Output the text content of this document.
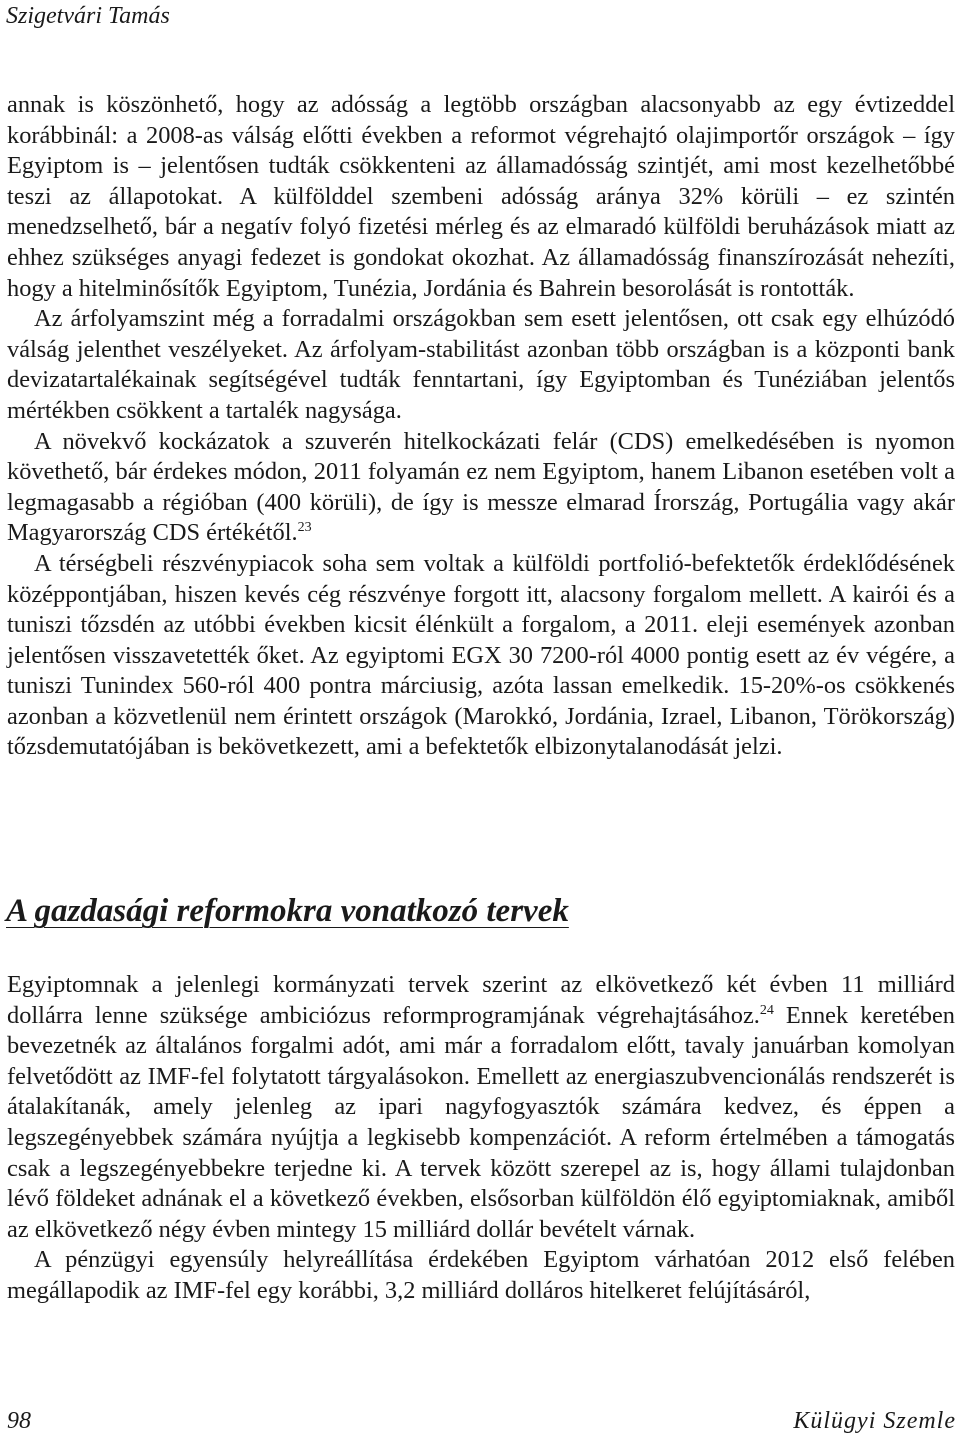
Szigetvári Tamás

annak is köszönhető, hogy az adósság a legtöbb országban alacsonyabb az egy évtizeddel korábbinál: a 2008-as válság előtti években a reformot végrehajtó olajimportőr országok – így Egyiptom is – jelentősen tudták csökkenteni az államadósság szintjét, ami most kezelhetőbbé teszi az állapotokat. A külfölddel szembeni adósság aránya 32% körüli – ez szintén menedzselhető, bár a negatív folyó fizetési mérleg és az elmaradó külföldi beruházások miatt az ehhez szükséges anyagi fedezet is gondokat okozhat. Az államadósság finanszírozását nehezíti, hogy a hitelminősítők Egyiptom, Tunézia, Jordánia és Bahrein besorolását is rontották.

Az árfolyamszint még a forradalmi országokban sem esett jelentősen, ott csak egy elhúzódó válság jelenthet veszélyeket. Az árfolyam-stabilitást azonban több országban is a központi bank devizatartalékainak segítségével tudták fenntartani, így Egyiptomban és Tunéziában jelentős mértékben csökkent a tartalék nagysága.

A növekvő kockázatok a szuverén hitelkockázati felár (CDS) emelkedésében is nyomon követhető, bár érdekes módon, 2011 folyamán ez nem Egyiptom, hanem Libanon esetében volt a legmagasabb a régióban (400 körüli), de így is messze elmarad Írország, Portugália vagy akár Magyarország CDS értékétől.$^{23}$

A térségbeli részvénypiacok soha sem voltak a külföldi portfolió-befektetők érdeklődésének középpontjában, hiszen kevés cég részvénye forgott itt, alacsony forgalom mellett. A kairói és a tuniszi tőzsdén az utóbbi években kicsit élénkült a forgalom, a 2011. eleji események azonban jelentősen visszavetették őket. Az egyiptomi EGX 30 7200-ról 4000 pontig esett az év végére, a tuniszi Tunindex 560-ról 400 pontra márciusig, azóta lassan emelkedik. 15-20%-os csökkenés azonban a közvetlenül nem érintett országok (Marokkó, Jordánia, Izrael, Libanon, Törökország) tőzsdemutatójában is bekövetkezett, ami a befektetők elbizonytalanodását jelzi.

A gazdasági reformokra vonatkozó tervek

Egyiptomnak a jelenlegi kormányzati tervek szerint az elkövetkező két évben 11 milliárd dollárra lenne szüksége ambiciózus reformprogramjának végrehajtásához.$^{24}$ Ennek keretében bevezetnék az általános forgalmi adót, ami már a forradalom előtt, tavaly januárban komolyan felvetődött az IMF-fel folytatott tárgyalásokon. Emellett az energiaszubvencionálás rendszerét is átalakítanák, amely jelenleg az ipari nagyfogyasztók számára kedvez, és éppen a legszegényebbek számára nyújtja a legkisebb kompenzációt. A reform értelmében a támogatás csak a legszegényebbekre terjedne ki. A tervek között szerepel az is, hogy állami tulajdonban lévő földeket adnának el a következő években, elsősorban külföldön élő egyiptomiaknak, amiből az elkövetkező négy évben mintegy 15 milliárd dollár bevételt várnak.

A pénzügyi egyensúly helyreállítása érdekében Egyiptom várhatóan 2012 első felében megállapodik az IMF-fel egy korábbi, 3,2 milliárd dolláros hitelkeret felújításáról,

98	Külügyi Szemle
